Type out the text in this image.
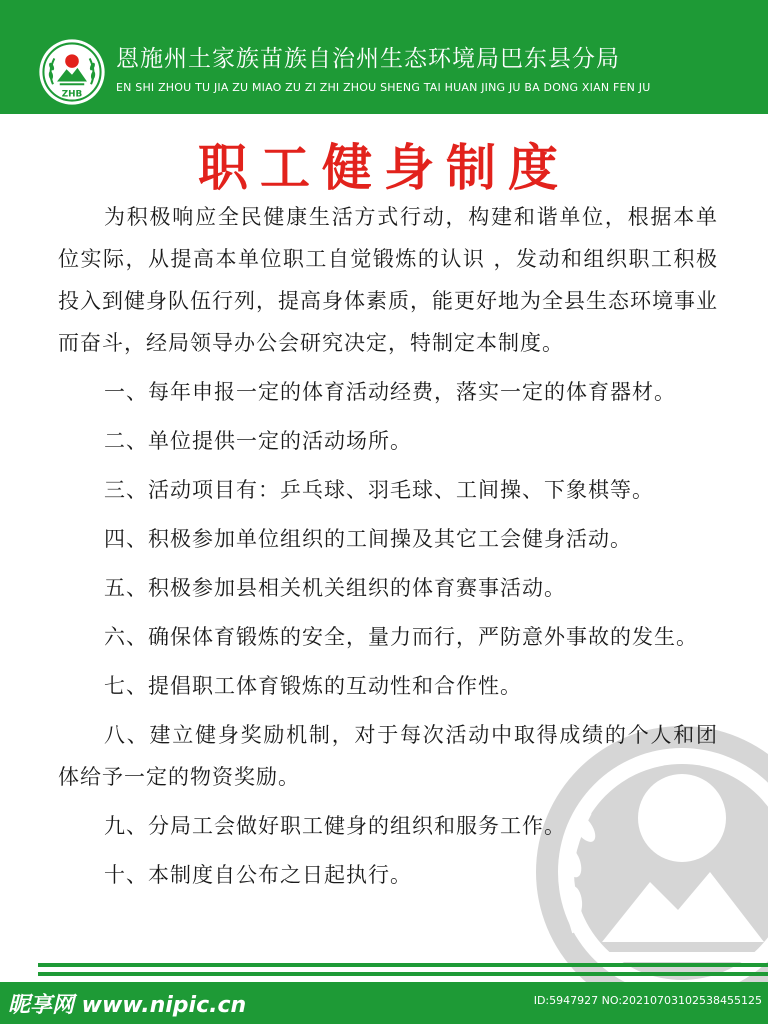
ZHB
恩施州土家族苗族自治州生态环境局巴东县分局
EN SHI ZHOU TU JIA ZU MIAO ZU ZI ZHI ZHOU SHENG TAI HUAN JING JU BA DONG XIAN FEN JU
职工健身制度

为积极响应全民健康生活方式行动，构建和谐单位，根据本单位实际，从提高本单位职工自觉锻炼的认识 ，发动和组织职工积极投入到健身队伍行列，提高身体素质，能更好地为全县生态环境事业而奋斗，经局领导办公会研究决定，特制定本制度。

一、每年申报一定的体育活动经费，落实一定的体育器材。

二、单位提供一定的活动场所。

三、活动项目有：乒乓球、羽毛球、工间操、下象棋等。

四、积极参加单位组织的工间操及其它工会健身活动。

五、积极参加县相关机关组织的体育赛事活动。

六、确保体育锻炼的安全，量力而行，严防意外事故的发生。

七、提倡职工体育锻炼的互动性和合作性。

八、建立健身奖励机制，对于每次活动中取得成绩的个人和团体给予一定的物资奖励。

九、分局工会做好职工健身的组织和服务工作。

十、本制度自公布之日起执行。

昵享网 www.nipic.cn	ID:5947927 NO:20210703102538455125
